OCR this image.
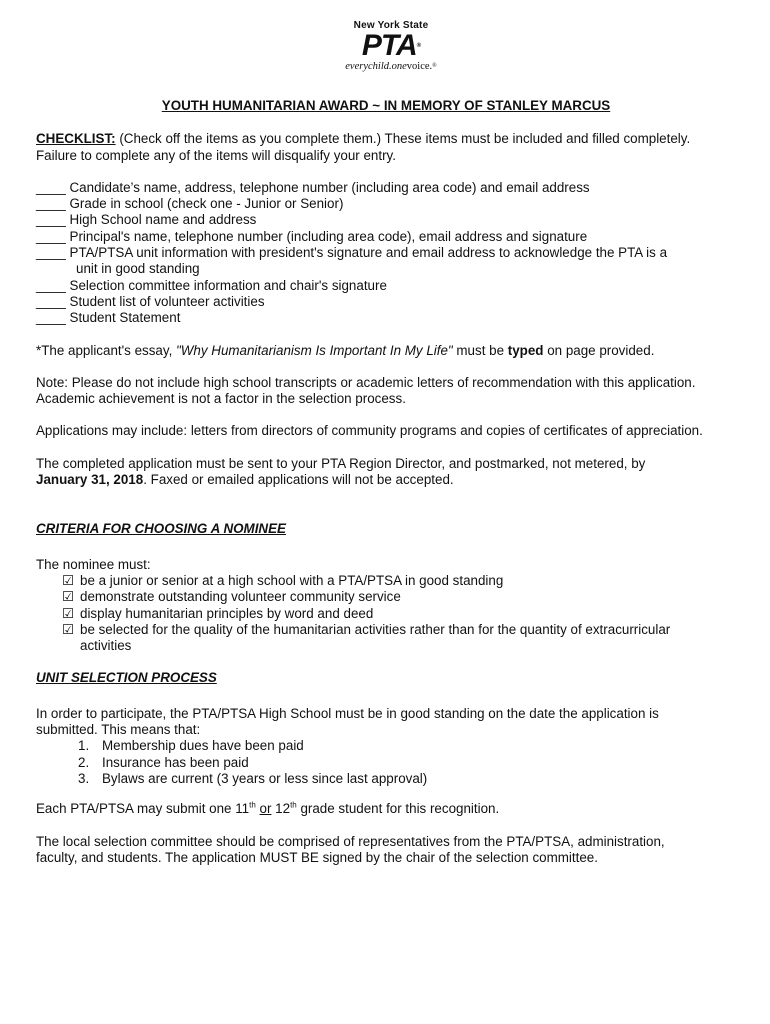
New York State
PTA®
everychild.onevoice.®
YOUTH HUMANITARIAN AWARD ~ IN MEMORY OF STANLEY MARCUS

CHECKLIST: (Check off the items as you complete them.) These items must be included and filled completely.
Failure to complete any of the items will disqualify your entry.

____ Candidate’s name, address, telephone number (including area code) and email address
____ Grade in school (check one - Junior or Senior)
____ High School name and address
____ Principal's name, telephone number (including area code), email address and signature
____ PTA/PTSA unit information with president's signature and email address to acknowledge the PTA is a
unit in good standing
____ Selection committee information and chair's signature
____ Student list of volunteer activities
____ Student Statement

*The applicant's essay, "Why Humanitarianism Is Important In My Life" must be typed on page provided.

Note: Please do not include high school transcripts or academic letters of recommendation with this application.
Academic achievement is not a factor in the selection process.

Applications may include: letters from directors of community programs and copies of certificates of appreciation.

The completed application must be sent to your PTA Region Director, and postmarked, not metered, by
January 31, 2018. Faxed or emailed applications will not be accepted.

CRITERIA FOR CHOOSING A NOMINEE
The nominee must:
☑ be a junior or senior at a high school with a PTA/PTSA in good standing
☑ demonstrate outstanding volunteer community service
☑ display humanitarian principles by word and deed
☑ be selected for the quality of the humanitarian activities rather than for the quantity of extracurricular activities
UNIT SELECTION PROCESS
In order to participate, the PTA/PTSA High School must be in good standing on the date the application is
submitted. This means that:
1. Membership dues have been paid
2. Insurance has been paid
3. Bylaws are current (3 years or less since last approval)

Each PTA/PTSA may submit one 11th or 12th grade student for this recognition.

The local selection committee should be comprised of representatives from the PTA/PTSA, administration,
faculty, and students. The application MUST BE signed by the chair of the selection committee.
